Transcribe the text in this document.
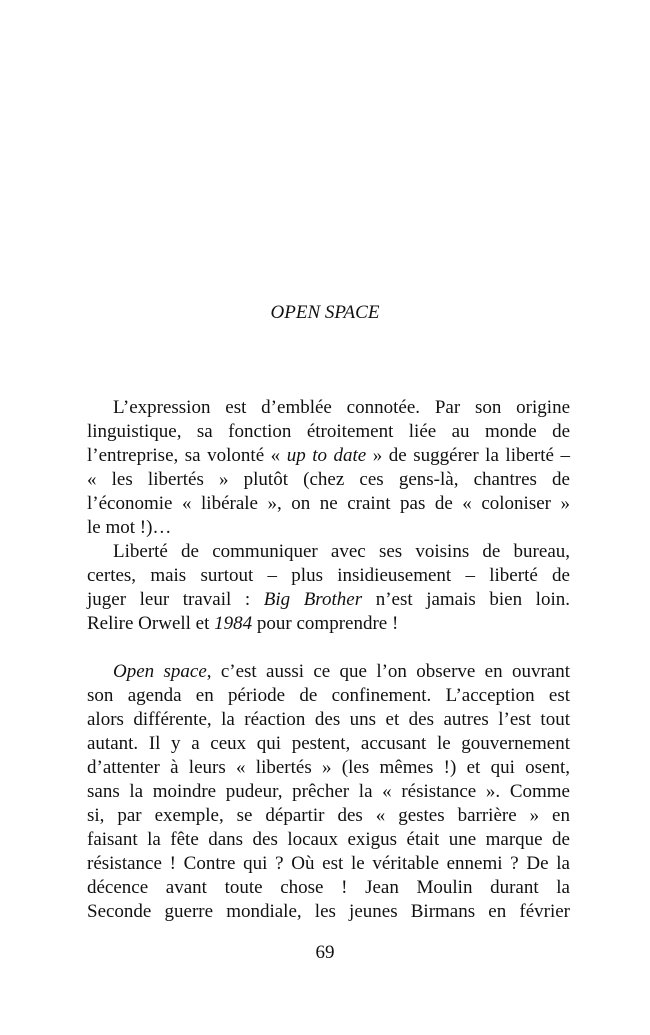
OPEN SPACE

L’expression est d’emblée connotée. Par son origine
linguistique, sa fonction étroitement liée au monde de
l’entreprise, sa volonté « up to date » de suggérer la liberté –
« les libertés » plutôt (chez ces gens-là, chantres de
l’économie « libérale », on ne craint pas de « coloniser »
le mot !)…

Liberté de communiquer avec ses voisins de bureau,
certes, mais surtout – plus insidieusement – liberté de
juger leur travail : Big Brother n’est jamais bien loin.
Relire Orwell et 1984 pour comprendre !

Open space, c’est aussi ce que l’on observe en ouvrant
son agenda en période de confinement. L’acception est
alors différente, la réaction des uns et des autres l’est tout
autant. Il y a ceux qui pestent, accusant le gouvernement
d’attenter à leurs « libertés » (les mêmes !) et qui osent,
sans la moindre pudeur, prêcher la « résistance ». Comme
si, par exemple, se départir des « gestes barrière » en
faisant la fête dans des locaux exigus était une marque de
résistance ! Contre qui ? Où est le véritable ennemi ? De la
décence avant toute chose ! Jean Moulin durant la
Seconde guerre mondiale, les jeunes Birmans en février

69
